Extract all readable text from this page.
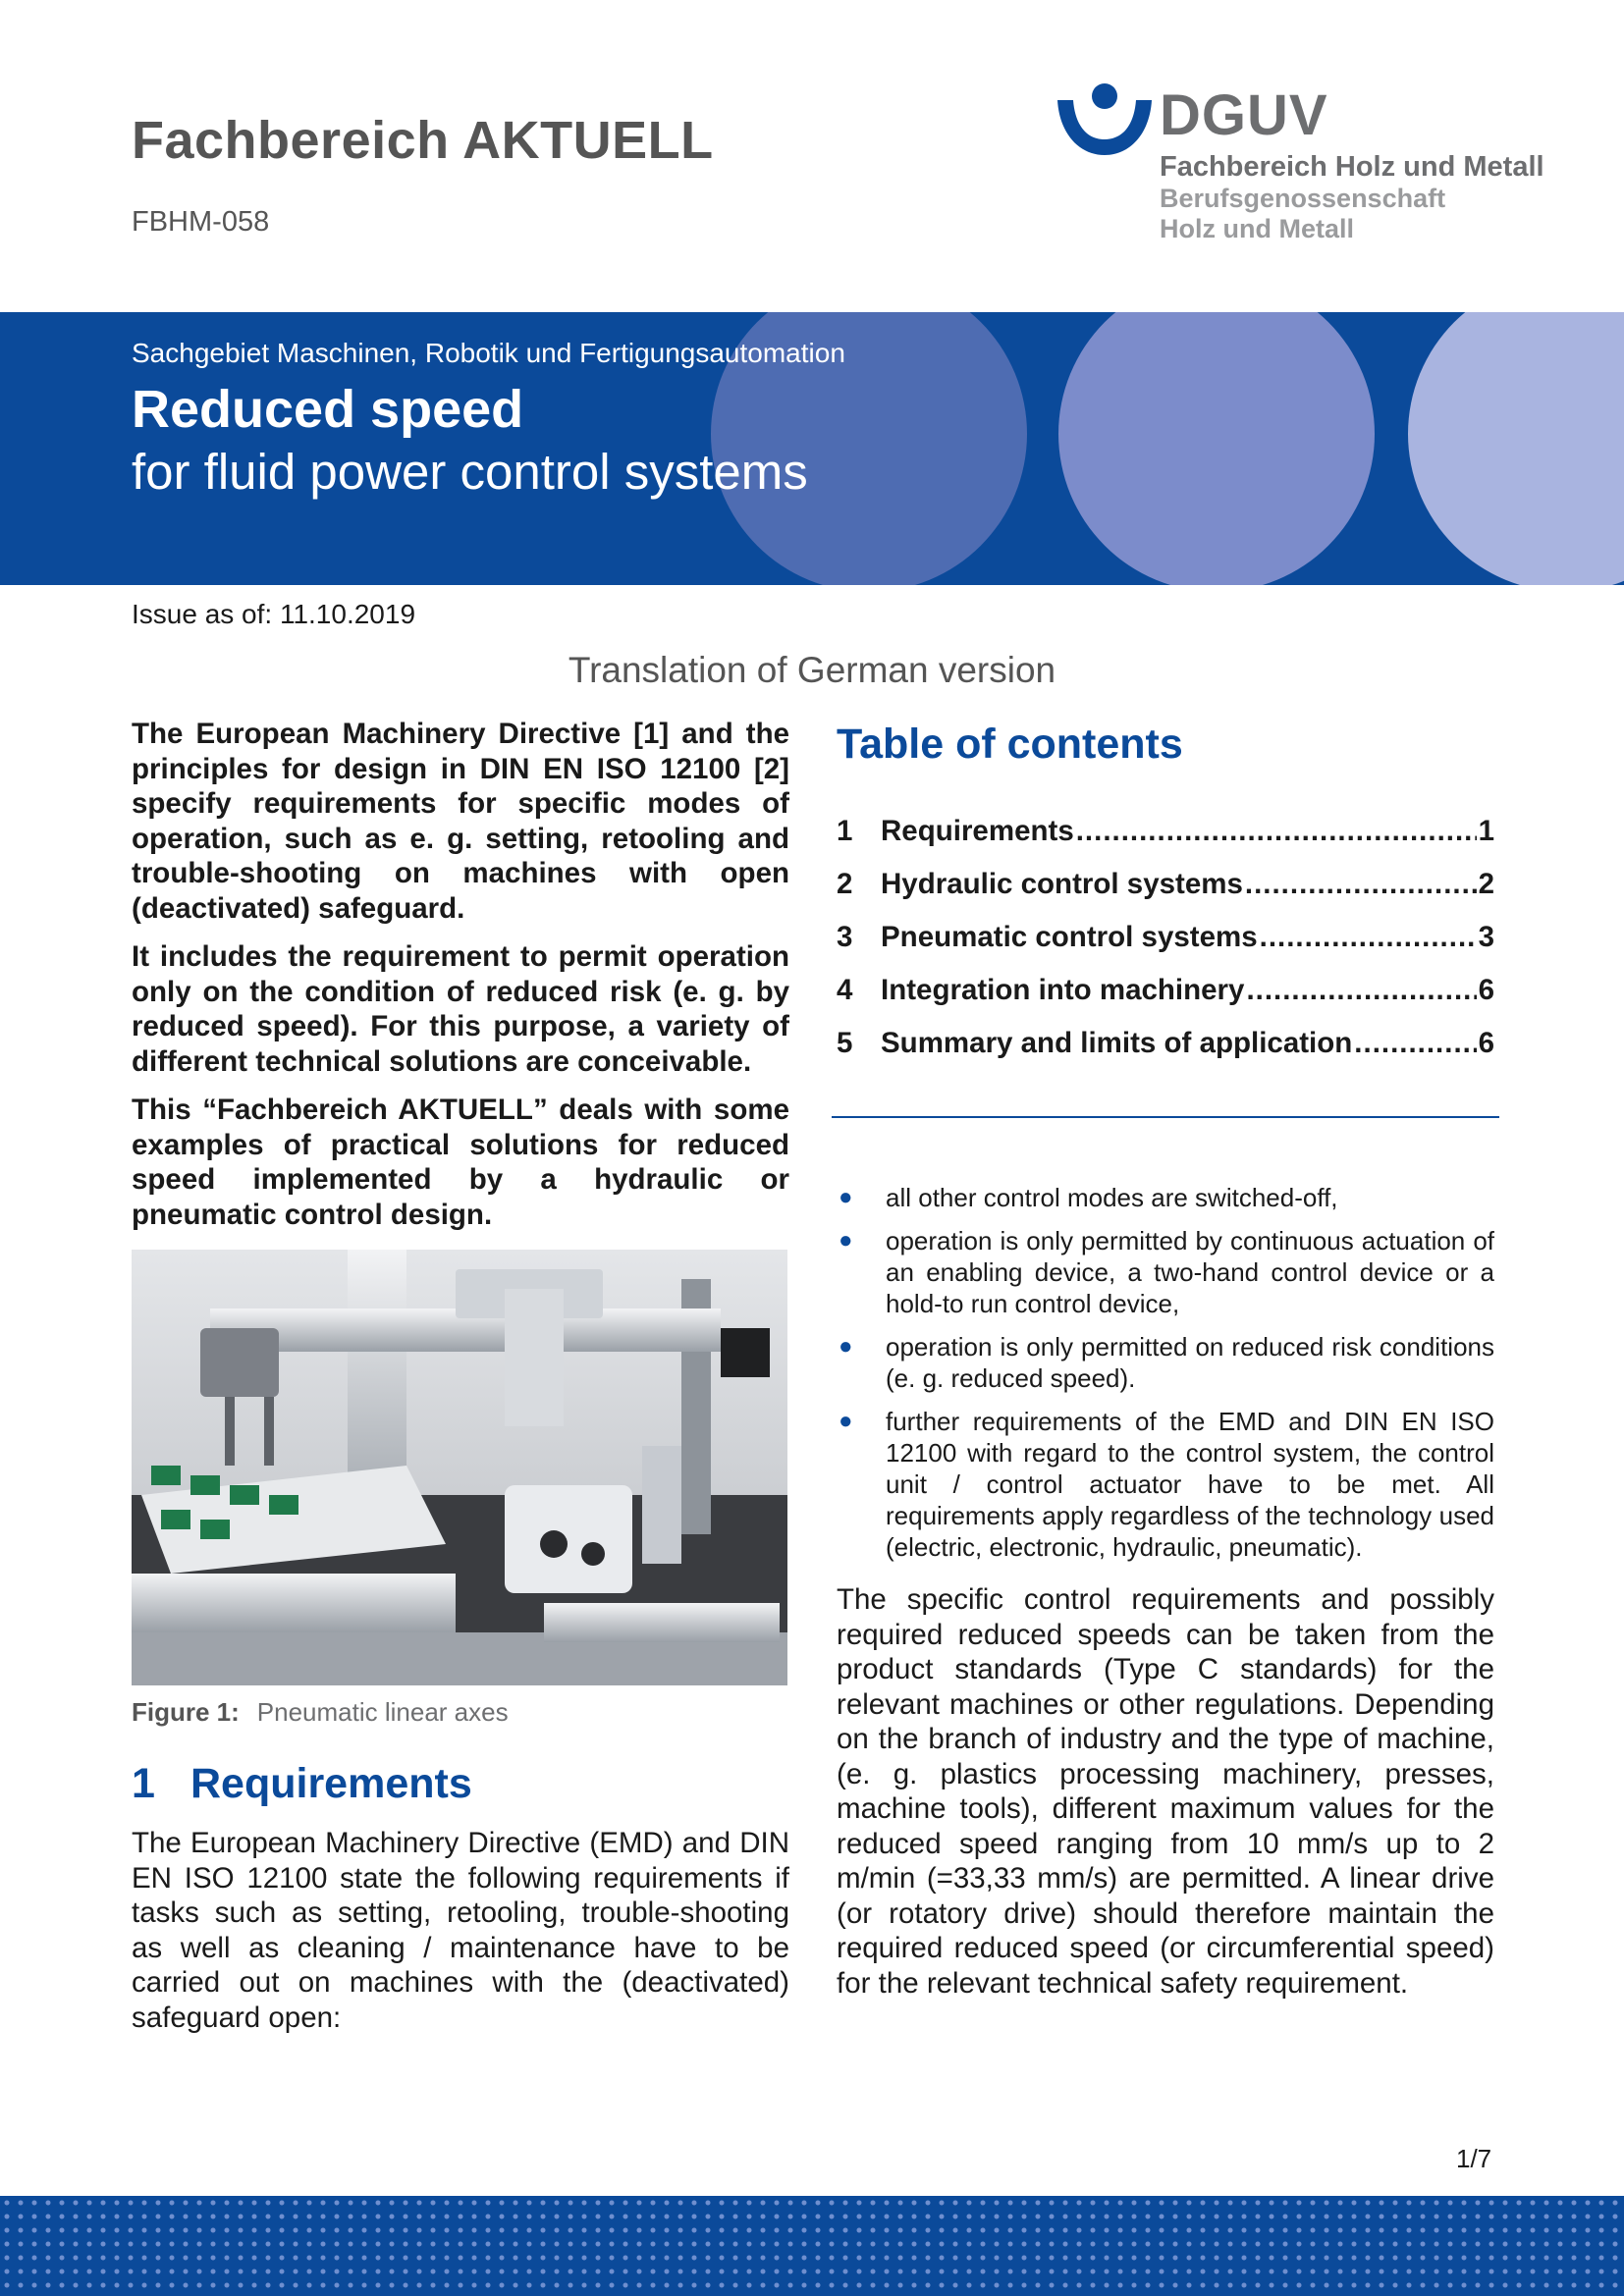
Fachbereich AKTUELL
FBHM-058
DGUV
Fachbereich Holz und Metall
Berufsgenossenschaft
Holz und Metall
Sachgebiet Maschinen, Robotik und Fertigungsautomation
Reduced speed
for fluid power control systems
Issue as of: 11.10.2019
Translation of German version

The European Machinery Directive [1] and the principles for design in DIN EN ISO 12100 [2] specify requirements for specific modes of operation, such as e. g. setting, retooling and trouble-shooting on machines with open (deactivated) safeguard.

It includes the requirement to permit operation only on the condition of reduced risk (e. g. by reduced speed). For this purpose, a variety of different technical solutions are conceivable.

This “Fachbereich AKTUELL” deals with some examples of practical solutions for reduced speed implemented by a hydraulic or pneumatic control design.

Figure 1: Pneumatic linear axes
1 Requirements

The European Machinery Directive (EMD) and DIN EN ISO 12100 state the following requirements if tasks such as setting, retooling, trouble-shooting as well as cleaning / maintenance have to be carried out on machines with the (deactivated) safeguard open:

Table of contents
1 Requirements .....	1
2 Hydraulic control systems .....	2
3 Pneumatic control systems .....	3
4 Integration into machinery .....	6
5 Summary and limits of application .....	6
● all other control modes are switched-off,
● operation is only permitted by continuous actuation of an enabling device, a two-hand control device or a hold-to run control device,
● operation is only permitted on reduced risk conditions (e. g. reduced speed).
● further requirements of the EMD and DIN EN ISO 12100 with regard to the control system, the control unit / control actuator have to be met. All requirements apply regardless of the technology used (electric, electronic, hydraulic, pneumatic).

The specific control requirements and possibly required reduced speeds can be taken from the product standards (Type C standards) for the relevant machines or other regulations. Depending on the branch of industry and the type of machine, (e. g. plastics processing machinery, presses, machine tools), different maximum values for the reduced speed ranging from 10 mm/s up to 2 m/min (=33,33 mm/s) are permitted. A linear drive (or rotatory drive) should therefore maintain the required reduced speed (or circumferential speed) for the relevant technical safety requirement.

1/7
